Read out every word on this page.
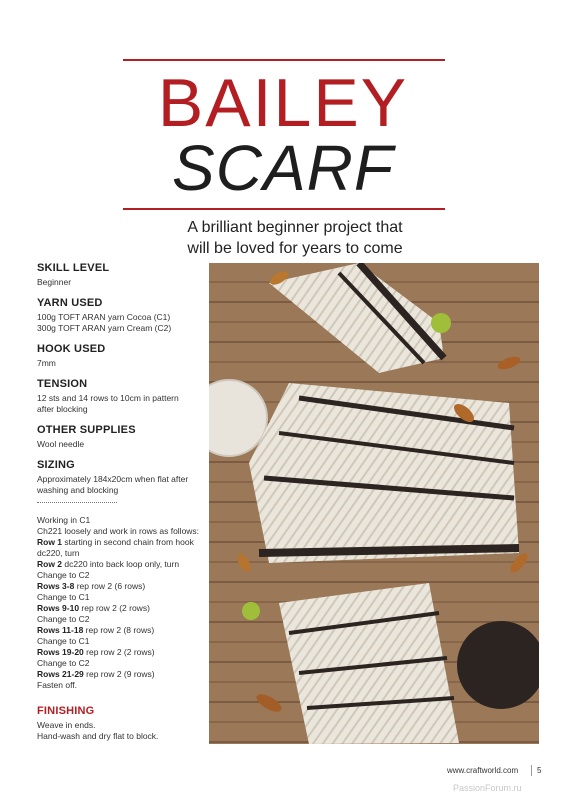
BAILEY
SCARF
A brilliant beginner project that
will be loved for years to come
SKILL LEVEL
Beginner
YARN USED
100g TOFT ARAN yarn Cocoa (C1)
300g TOFT ARAN yarn Cream (C2)
HOOK USED
7mm
TENSION
12 sts and 14 rows to 10cm in pattern
after blocking
OTHER SUPPLIES
Wool needle
SIZING
Approximately 184x20cm when flat after
washing and blocking
Working in C1
Ch221 loosely and work in rows as follows:
Row 1 starting in second chain from hook
dc220, turn
Row 2 dc220 into back loop only, turn
Change to C2
Rows 3-8 rep row 2 (6 rows)
Change to C1
Rows 9-10 rep row 2 (2 rows)
Change to C2
Rows 11-18 rep row 2 (8 rows)
Change to C1
Rows 19-20 rep row 2 (2 rows)
Change to C2
Rows 21-29 rep row 2 (9 rows)
Fasten off.
FINISHING
Weave in ends.
Hand-wash and dry flat to block.
www.craftworld.com 5
PassionForum.ru
